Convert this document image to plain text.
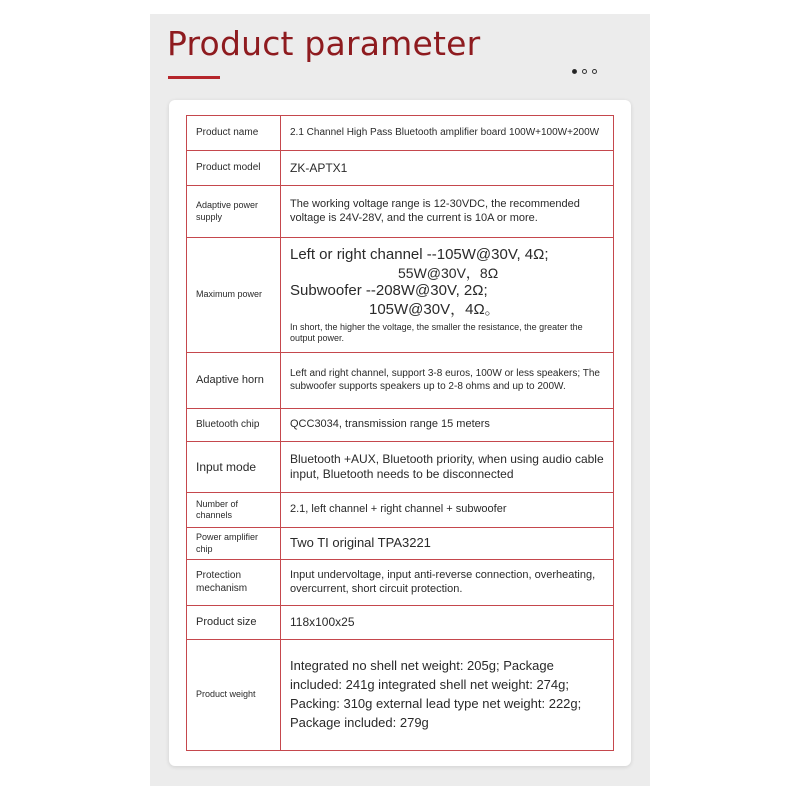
Product parameter
Product name	2.1 Channel High Pass Bluetooth amplifier board 100W+100W+200W
Product model	ZK-APTX1
Adaptive power supply	The working voltage range is 12-30VDC, the recommended voltage is 24V-28V, and the current is 10A or more.
Maximum power	Left or right channel --105W@30V, 4Ω;
55W@30V，8Ω
Subwoofer --208W@30V, 2Ω;
105W@30V，4Ω。
In short, the higher the voltage, the smaller the resistance, the greater the output power.

Adaptive horn	Left and right channel, support 3-8 euros, 100W or less speakers; The subwoofer supports speakers up to 2-8 ohms and up to 200W.
Bluetooth chip	QCC3034, transmission range 15 meters
Input mode	Bluetooth +AUX, Bluetooth priority, when using audio cable input, Bluetooth needs to be disconnected
Number of channels	2.1, left channel + right channel + subwoofer
Power amplifier chip	Two TI original TPA3221
Protection mechanism	Input undervoltage, input anti-reverse connection, overheating, overcurrent, short circuit protection.
Product size	118x100x25
Product weight	Integrated no shell net weight: 205g; Package included: 241g integrated shell net weight: 274g; Packing: 310g external lead type net weight: 222g; Package included: 279g
